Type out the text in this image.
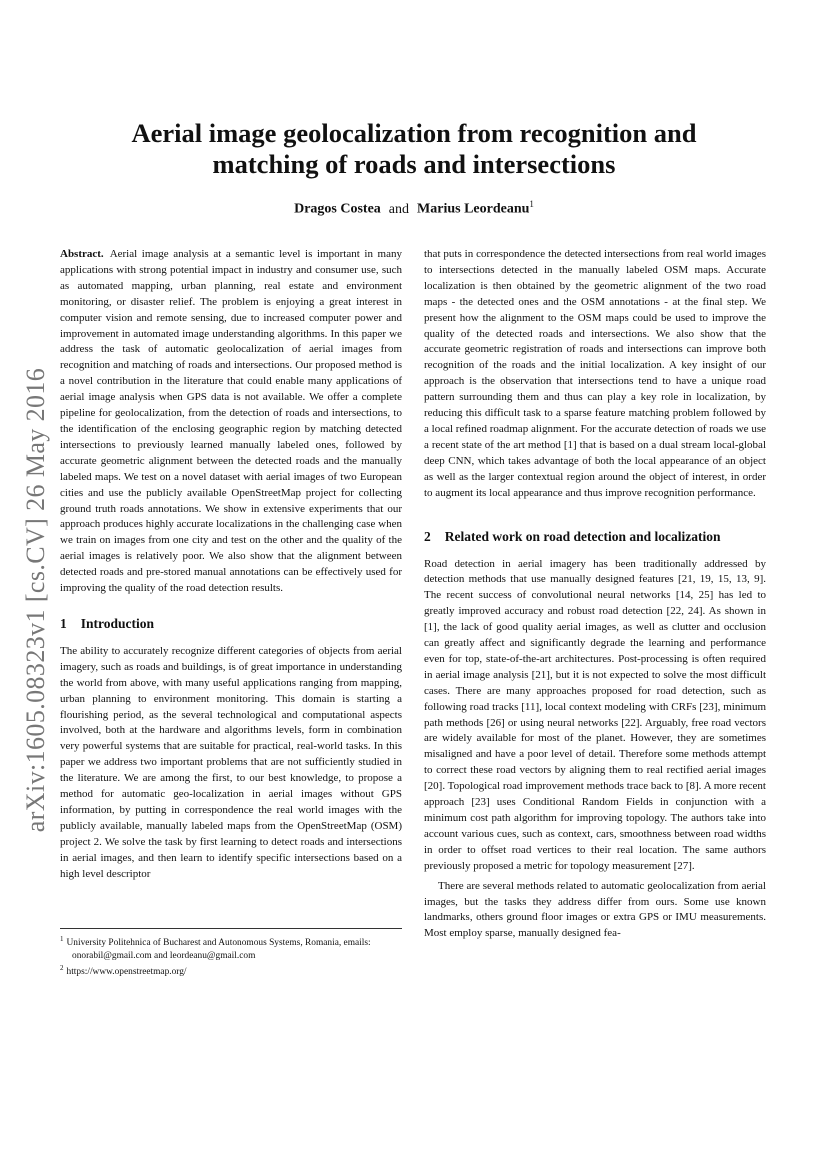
arXiv:1605.08323v1 [cs.CV] 26 May 2016
Aerial image geolocalization from recognition and
matching of roads and intersections
Dragos Costea and Marius Leordeanu$^1$

Abstract. Aerial image analysis at a semantic level is important in many applications with strong potential impact in industry and consumer use, such as automated mapping, urban planning, real estate and environment monitoring, or disaster relief. The problem is enjoying a great interest in computer vision and remote sensing, due to increased computer power and improvement in automated image understanding algorithms. In this paper we address the task of automatic geolocalization of aerial images from recognition and matching of roads and intersections. Our proposed method is a novel contribution in the literature that could enable many applications of aerial image analysis when GPS data is not available. We offer a complete pipeline for geolocalization, from the detection of roads and intersections, to the identification of the enclosing geographic region by matching detected intersections to previously learned manually labeled ones, followed by accurate geometric alignment between the detected roads and the manually labeled maps. We test on a novel dataset with aerial images of two European cities and use the publicly available OpenStreetMap project for collecting ground truth roads annotations. We show in extensive experiments that our approach produces highly accurate localizations in the challenging case when we train on images from one city and test on the other and the quality of the aerial images is relatively poor. We also show that the alignment between detected roads and pre-stored manual annotations can be effectively used for improving the quality of the road detection results.

1 Introduction

The ability to accurately recognize different categories of objects from aerial imagery, such as roads and buildings, is of great importance in understanding the world from above, with many useful applications ranging from mapping, urban planning to environment monitoring. This domain is starting a flourishing period, as the several technological and computational aspects involved, both at the hardware and algorithms levels, form in combination very powerful systems that are suitable for practical, real-world tasks. In this paper we address two important problems that are not sufficiently studied in the literature. We are among the first, to our best knowledge, to propose a method for automatic geo-localization in aerial images without GPS information, by putting in correspondence the real world images with the publicly available, manually labeled maps from the OpenStreetMap (OSM) project 2. We solve the task by first learning to detect roads and intersections in aerial images, and then learn to identify specific intersections based on a high level descriptor

that puts in correspondence the detected intersections from real world images to intersections detected in the manually labeled OSM maps. Accurate localization is then obtained by the geometric alignment of the two road maps - the detected ones and the OSM annotations - at the final step. We present how the alignment to the OSM maps could be used to improve the quality of the detected roads and intersections. We also show that the accurate geometric registration of roads and intersections can improve both recognition of the roads and the initial localization. A key insight of our approach is the observation that intersections tend to have a unique road pattern surrounding them and thus can play a key role in localization, by reducing this difficult task to a sparse feature matching problem followed by a local refined roadmap alignment. For the accurate detection of roads we use a recent state of the art method [1] that is based on a dual stream local-global deep CNN, which takes advantage of both the local appearance of an object as well as the larger contextual region around the object of interest, in order to augment its local appearance and thus improve recognition performance.

2 Related work on road detection and localization

Road detection in aerial imagery has been traditionally addressed by detection methods that use manually designed features [21, 19, 15, 13, 9]. The recent success of convolutional neural networks [14, 25] has led to greatly improved accuracy and robust road detection [22, 24]. As shown in [1], the lack of good quality aerial images, as well as clutter and occlusion can greatly affect and significantly degrade the learning and performance even for top, state-of-the-art architectures. Post-processing is often required in aerial image analysis [21], but it is not expected to solve the most difficult cases. There are many approaches proposed for road detection, such as following road tracks [11], local context modeling with CRFs [23], minimum path methods [26] or using neural networks [22]. Arguably, free road vectors are widely available for most of the planet. However, they are sometimes misaligned and have a poor level of detail. Therefore some methods attempt to correct these road vectors by aligning them to real rectified aerial images [20]. Topological road improvement methods trace back to [8]. A more recent approach [23] uses Conditional Random Fields in conjunction with a minimum cost path algorithm for improving topology. The authors take into account various cues, such as context, cars, smoothness between road widths in order to offset road vertices to their real location. The same authors previously proposed a metric for topology measurement [27].

There are several methods related to automatic geolocalization from aerial images, but the tasks they address differ from ours. Some use known landmarks, others ground floor images or extra GPS or IMU measurements. Most employ sparse, manually designed fea-

$^1$ University Politehnica of Bucharest and Autonomous Systems, Romania, emails: onorabil@gmail.com and leordeanu@gmail.com

$^2$ https://www.openstreetmap.org/
